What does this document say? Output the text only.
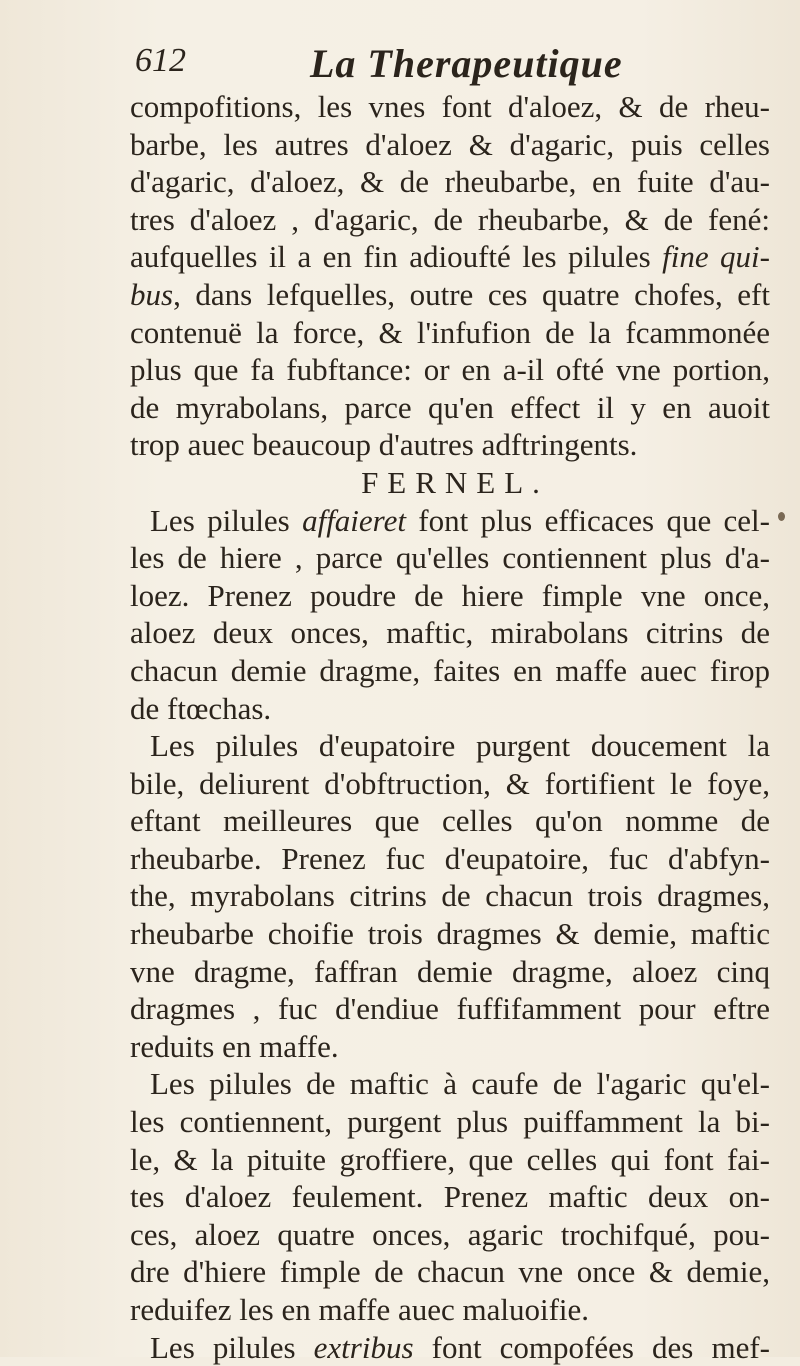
612	La Therapeutique
compofitions, les vnes font d'aloez, & de rheu-
barbe, les autres d'aloez & d'agaric, puis celles
d'agaric, d'aloez, & de rheubarbe, en fuite d'au-
tres d'aloez , d'agaric, de rheubarbe, & de fené:
aufquelles il a en fin adioufté les pilules fine qui-
bus, dans lefquelles, outre ces quatre chofes, eft
contenuë la force, & l'infufion de la fcammonée
plus que fa fubftance: or en a-il ofté vne portion,
de myrabolans, parce qu'en effect il y en auoit
trop auec beaucoup d'autres adftringents.
FERNEL.
Les pilules affaieret font plus efficaces que cel-
les de hiere , parce qu'elles contiennent plus d'a-
loez. Prenez poudre de hiere fimple vne once,
aloez deux onces, maftic, mirabolans citrins de
chacun demie dragme, faites en maffe auec firop
de ftœchas.
Les pilules d'eupatoire purgent doucement la
bile, deliurent d'obftruction, & fortifient le foye,
eftant meilleures que celles qu'on nomme de
rheubarbe. Prenez fuc d'eupatoire, fuc d'abfyn-
the, myrabolans citrins de chacun trois dragmes,
rheubarbe choifie trois dragmes & demie, maftic
vne dragme, faffran demie dragme, aloez cinq
dragmes , fuc d'endiue fuffifamment pour eftre
reduits en maffe.
Les pilules de maftic à caufe de l'agaric qu'el-
les contiennent, purgent plus puiffamment la bi-
le, & la pituite groffiere, que celles qui font fai-
tes d'aloez feulement. Prenez maftic deux on-
ces, aloez quatre onces, agaric trochifqué, pou-
dre d'hiere fimple de chacun vne once & demie,
reduifez les en maffe auec maluoifie.
Les pilules extribus font compofées des mef-
